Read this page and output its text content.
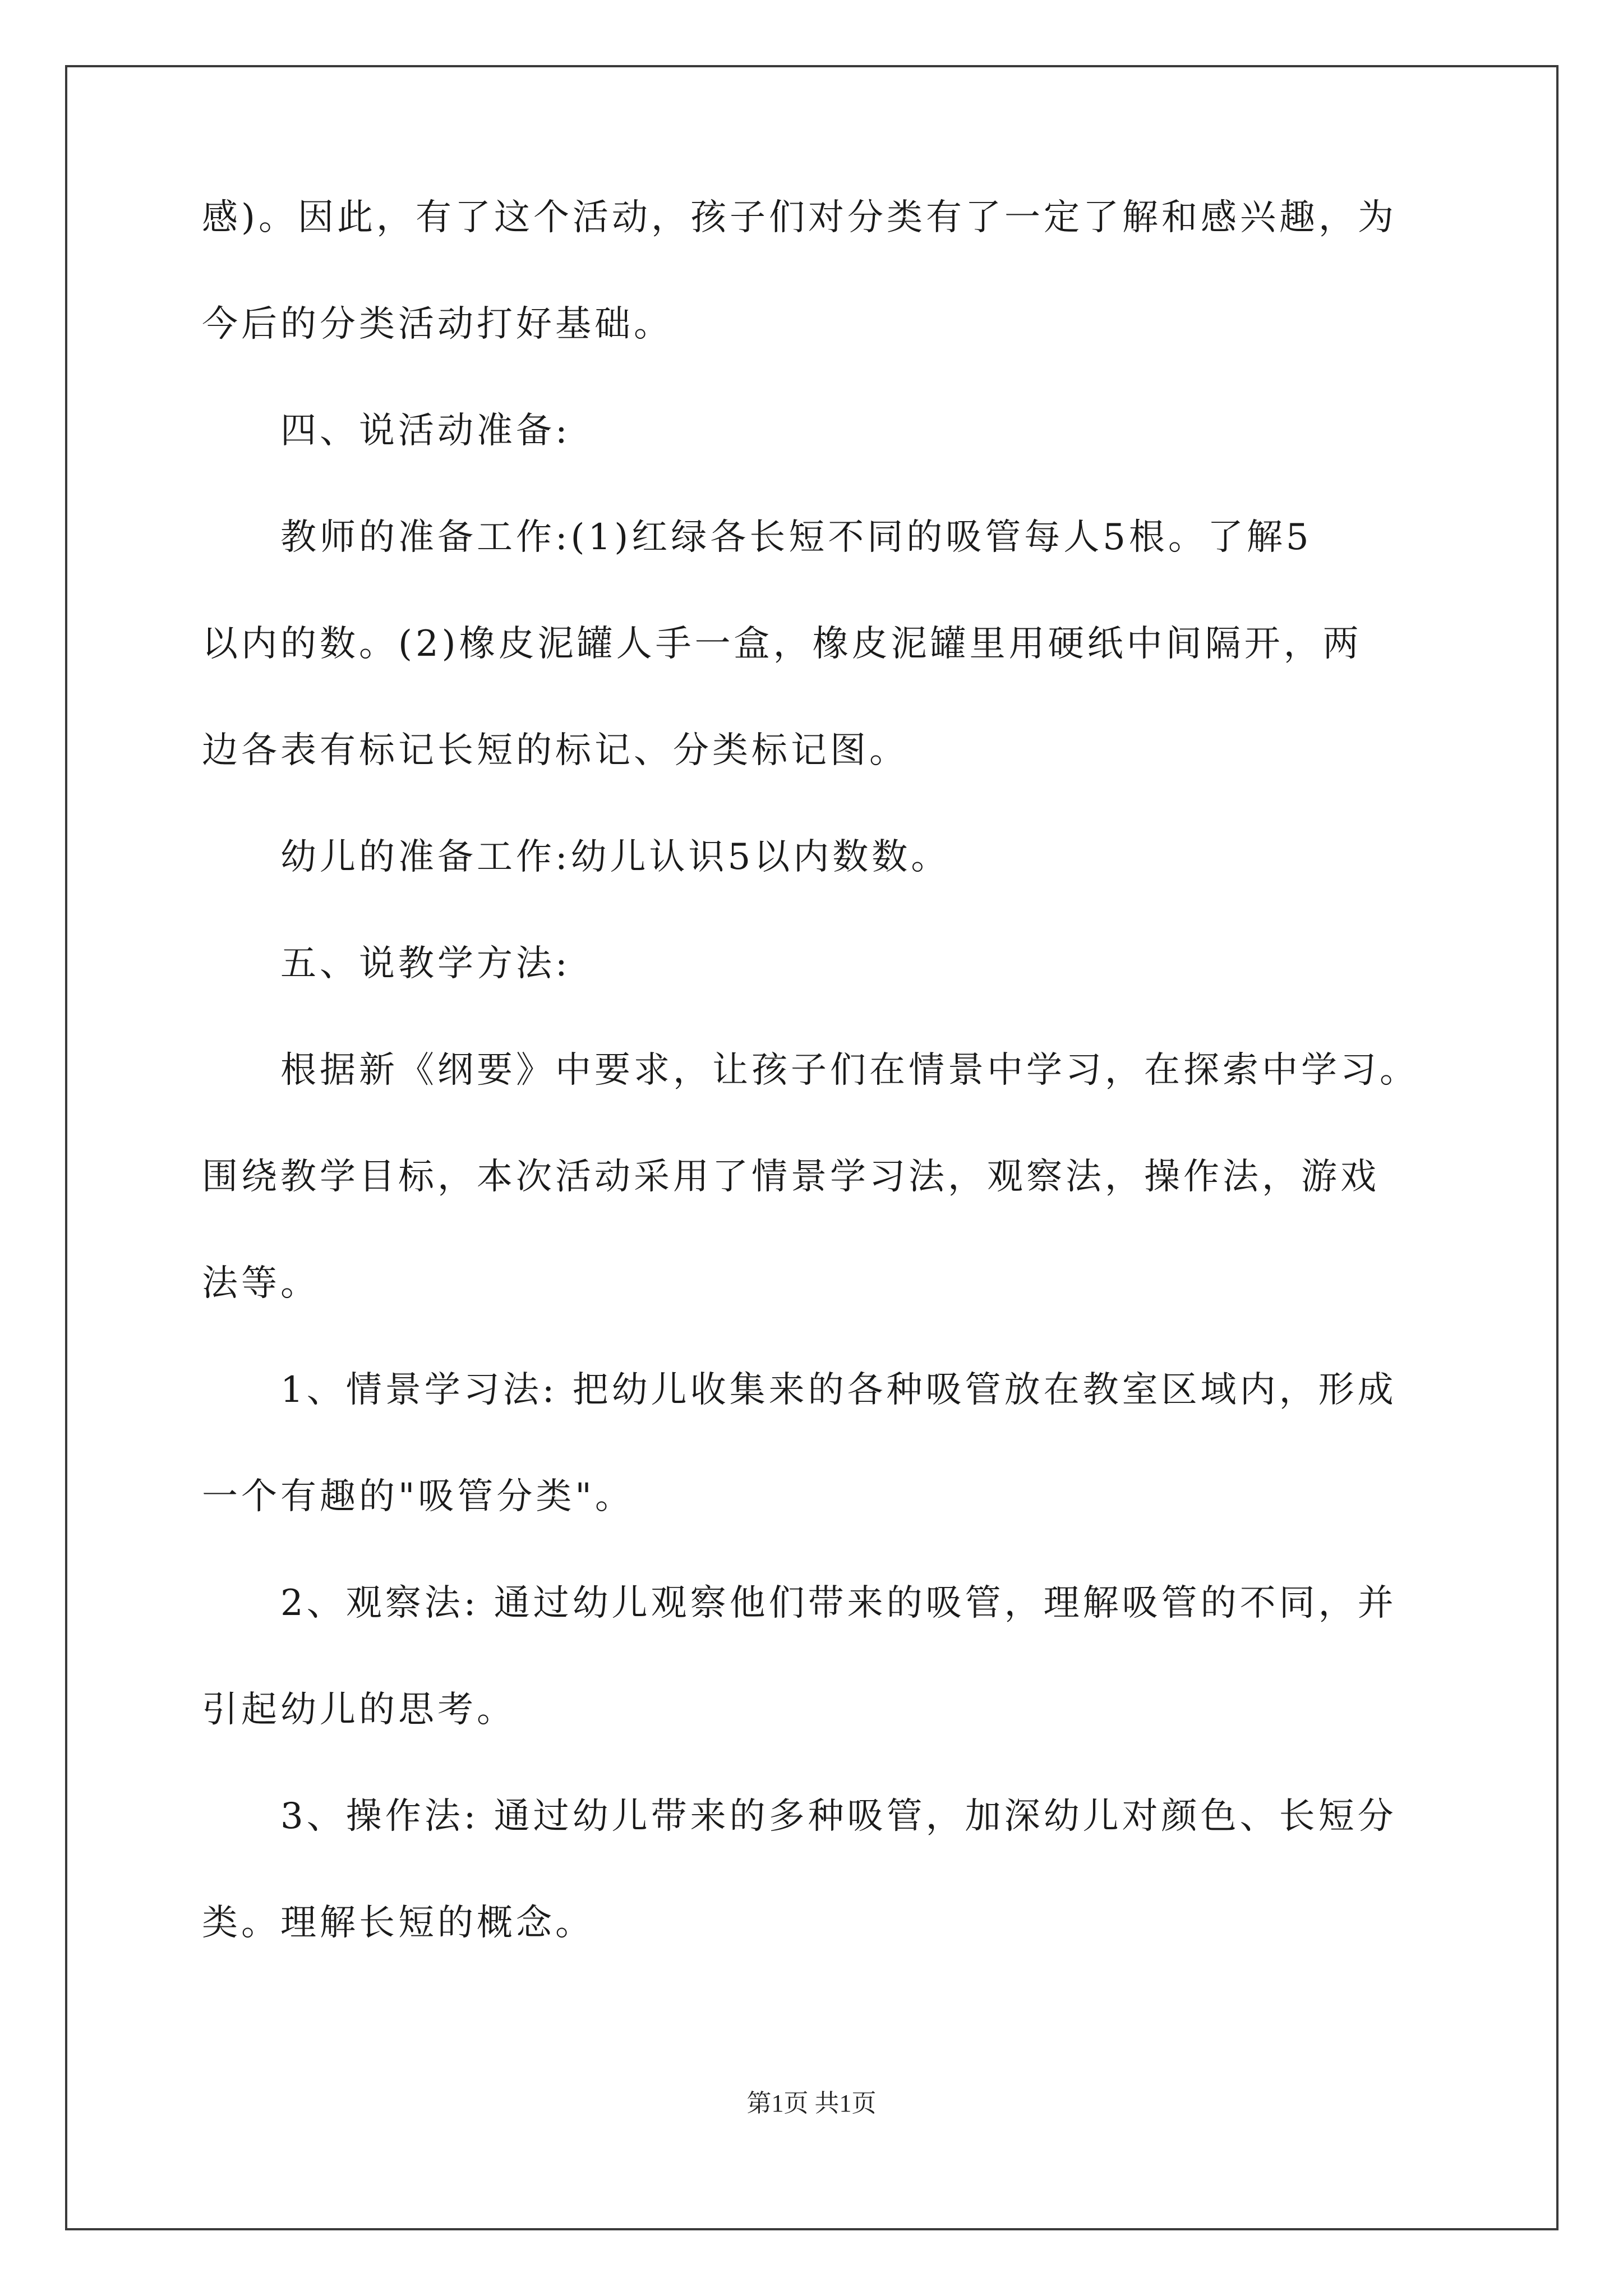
感)。因此，有了这个活动，孩子们对分类有了一定了解和感兴趣，为
今后的分类活动打好基础。
四、说活动准备:
教师的准备工作:(1)红绿各长短不同的吸管每人5根。了解5
以内的数。(2)橡皮泥罐人手一盒，橡皮泥罐里用硬纸中间隔开，两
边各表有标记长短的标记、分类标记图。
幼儿的准备工作:幼儿认识5以内数数。
五、说教学方法:
根据新《纲要》中要求，让孩子们在情景中学习，在探索中学习。
围绕教学目标，本次活动采用了情景学习法，观察法，操作法，游戏
法等。
1、情景学习法: 把幼儿收集来的各种吸管放在教室区域内，形成
一个有趣的"吸管分类"。
2、观察法: 通过幼儿观察他们带来的吸管，理解吸管的不同，并
引起幼儿的思考。
3、操作法: 通过幼儿带来的多种吸管，加深幼儿对颜色、长短分
类。理解长短的概念。
第1页 共1页
